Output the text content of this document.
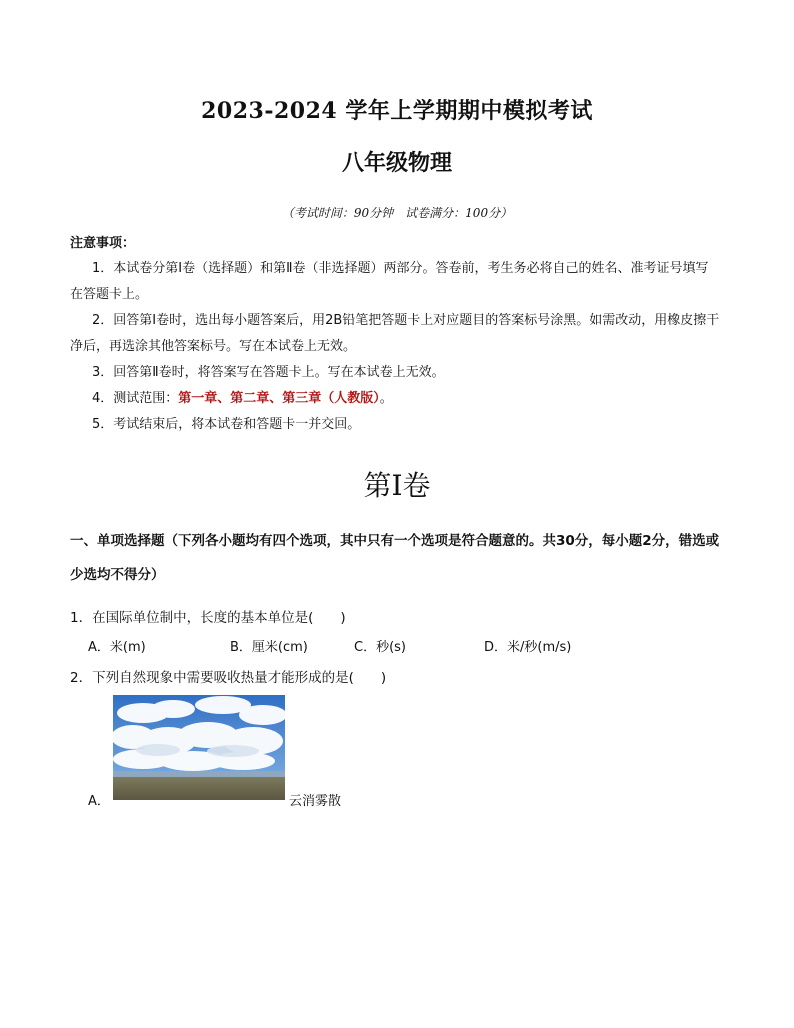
2023-2024 学年上学期期中模拟考试
八年级物理
（考试时间：90分钟　试卷满分：100分）
注意事项：

1．本试卷分第Ⅰ卷（选择题）和第Ⅱ卷（非选择题）两部分。答卷前，考生务必将自己的姓名、准考证号填写在答题卡上。

2．回答第Ⅰ卷时，选出每小题答案后，用2B铅笔把答题卡上对应题目的答案标号涂黑。如需改动，用橡皮擦干净后，再选涂其他答案标号。写在本试卷上无效。

3．回答第Ⅱ卷时，将答案写在答题卡上。写在本试卷上无效。

4．测试范围：第一章、第二章、第三章（人教版）。

5．考试结束后，将本试卷和答题卡一并交回。

第Ⅰ卷
一、单项选择题（下列各小题均有四个选项，其中只有一个选项是符合题意的。共30分，每小题2分，错选或少选均不得分）
1．在国际单位制中，长度的基本单位是(　　)
A．米(m)	B．厘米(cm)	C．秒(s)	D．米/秒(m/s)
2．下列自然现象中需要吸收热量才能形成的是(　　)
A．	云消雾散
